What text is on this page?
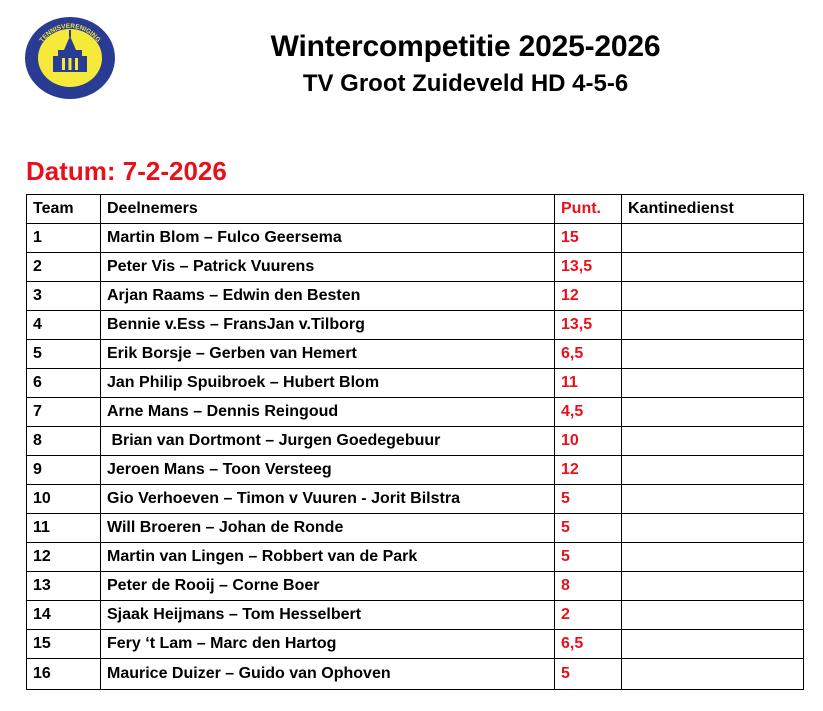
TENNISVERENIGING
GROOT ZUIDEVELD
Wintercompetitie 2025-2026
TV Groot Zuideveld HD 4-5-6
Datum: 7-2-2026
Team	Deelnemers	Punt.	Kantinedienst
1	Martin Blom – Fulco Geersema	15	
2	Peter Vis – Patrick Vuurens	13,5	
3	Arjan Raams – Edwin den Besten	12	
4	Bennie v.Ess – FransJan v.Tilborg	13,5	
5	Erik Borsje – Gerben van Hemert	6,5	
6	Jan Philip Spuibroek – Hubert Blom	11	
7	Arne Mans – Dennis Reingoud	4,5	
8	Brian van Dortmont – Jurgen Goedegebuur	10	
9	Jeroen Mans – Toon Versteeg	12	
10	Gio Verhoeven – Timon v Vuuren - Jorit Bilstra	5	
11	Will Broeren – Johan de Ronde	5	
12	Martin van Lingen – Robbert van de Park	5	
13	Peter de Rooij – Corne Boer	8	
14	Sjaak Heijmans – Tom Hesselbert	2	
15	Fery ‘t Lam – Marc den Hartog	6,5	
16	Maurice Duizer – Guido van Ophoven	5	
